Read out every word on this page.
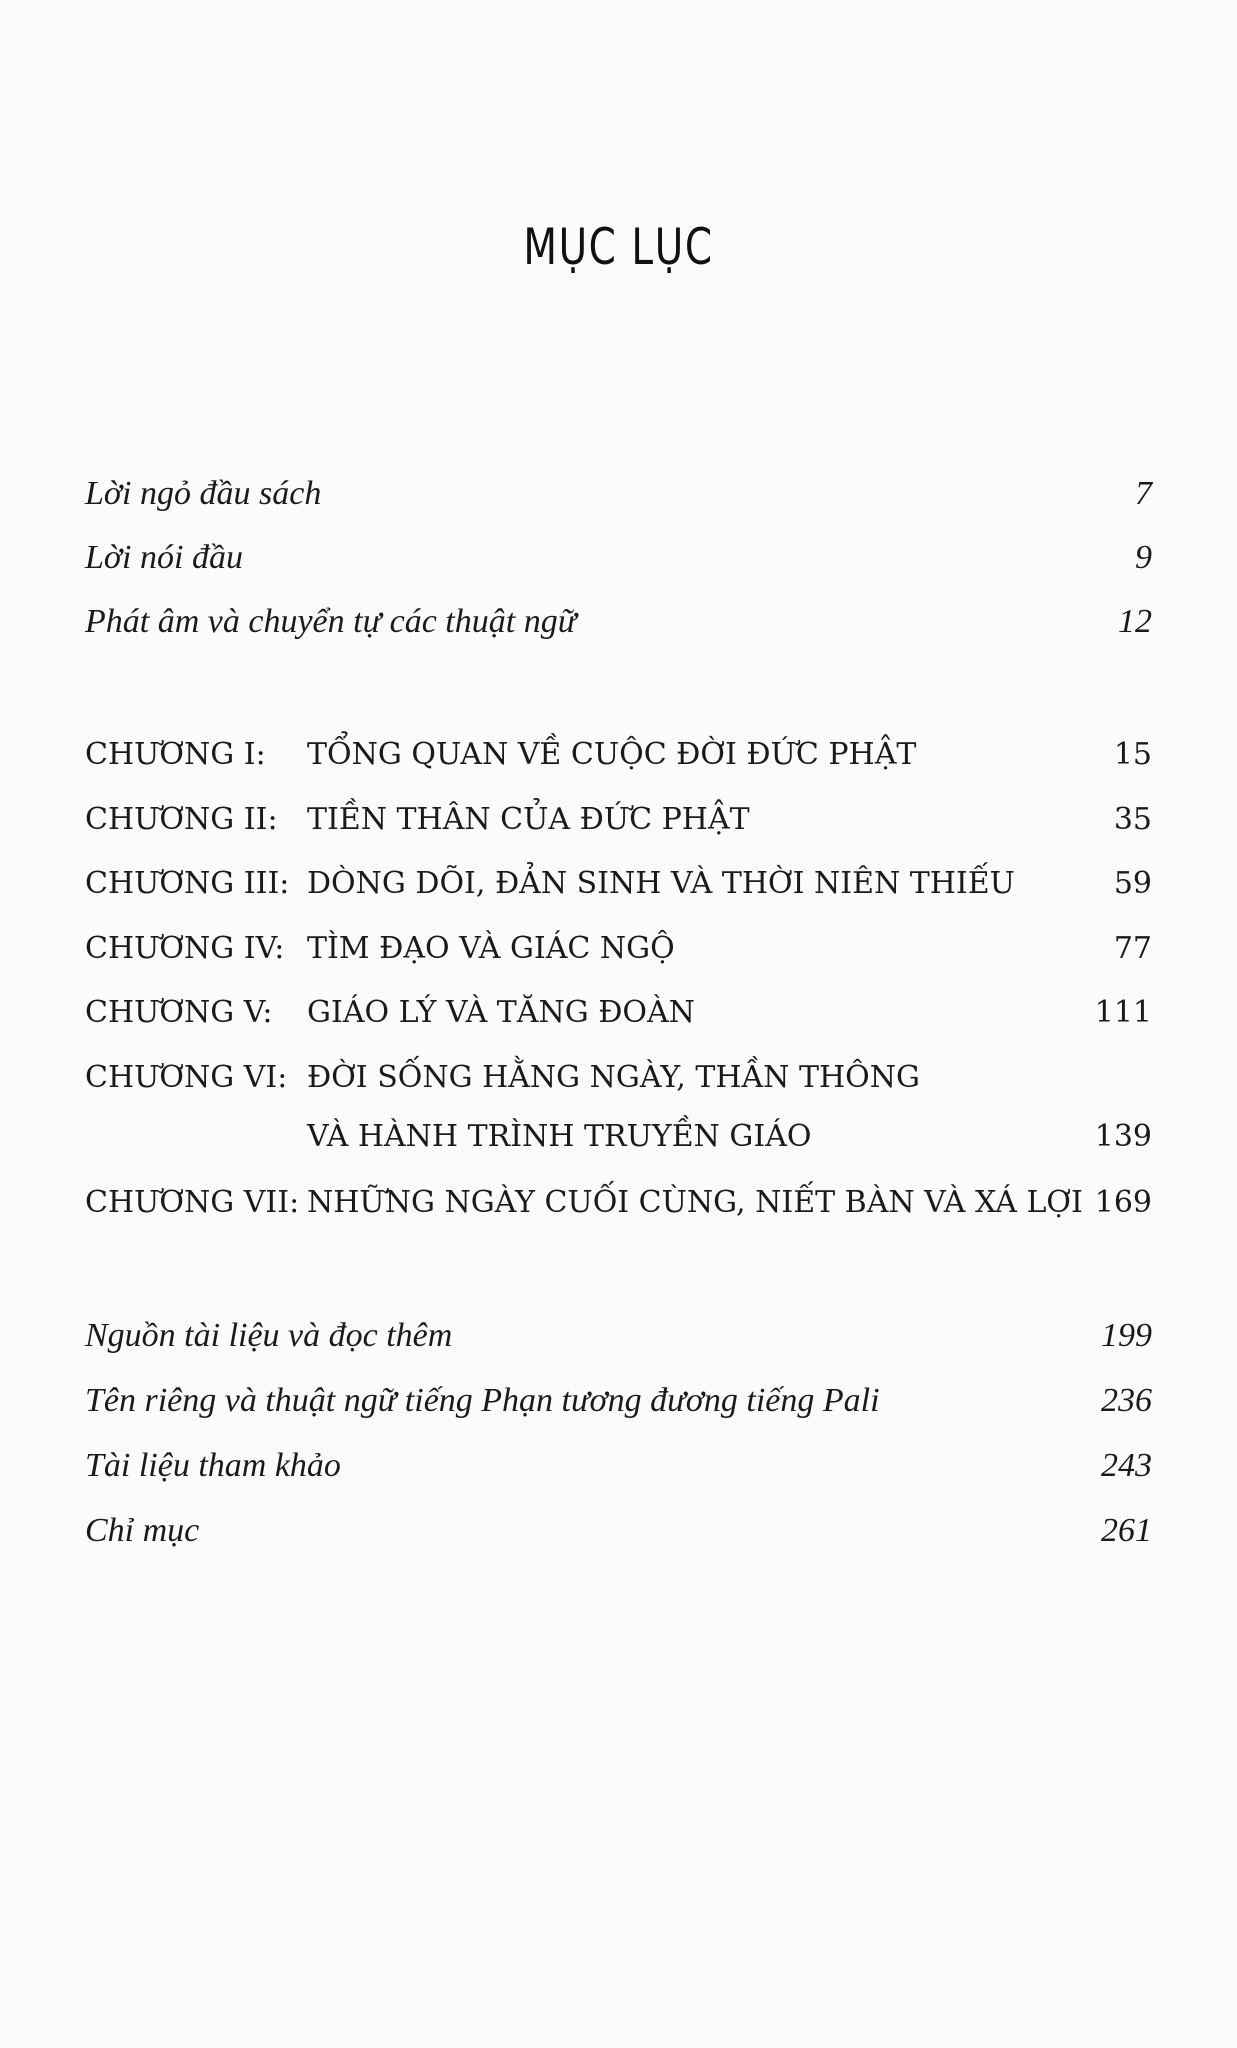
MỤC LỤC
Lời ngỏ đầu sách	7
Lời nói đầu	9
Phát âm và chuyển tự các thuật ngữ	12
CHƯƠNG I:	TỔNG QUAN VỀ CUỘC ĐỜI ĐỨC PHẬT	15
CHƯƠNG II: TIỀN THÂN CỦA ĐỨC PHẬT	35
CHƯƠNG III: DÒNG DÕI, ĐẢN SINH VÀ THỜI NIÊN THIẾU	59
CHƯƠNG IV: TÌM ĐẠO VÀ GIÁC NGỘ	77
CHƯƠNG V:	GIÁO LÝ VÀ TĂNG ĐOÀN	111
CHƯƠNG VI: ĐỜI SỐNG HẰNG NGÀY, THẦN THÔNG
VÀ HÀNH TRÌNH TRUYỀN GIÁO	139
CHƯƠNG VII: NHỮNG NGÀY CUỐI CÙNG, NIẾT BÀN VÀ XÁ LỢI 169
Nguồn tài liệu và đọc thêm	199
Tên riêng và thuật ngữ tiếng Phạn tương đương tiếng Pali	236
Tài liệu tham khảo	243
Chỉ mục	261
